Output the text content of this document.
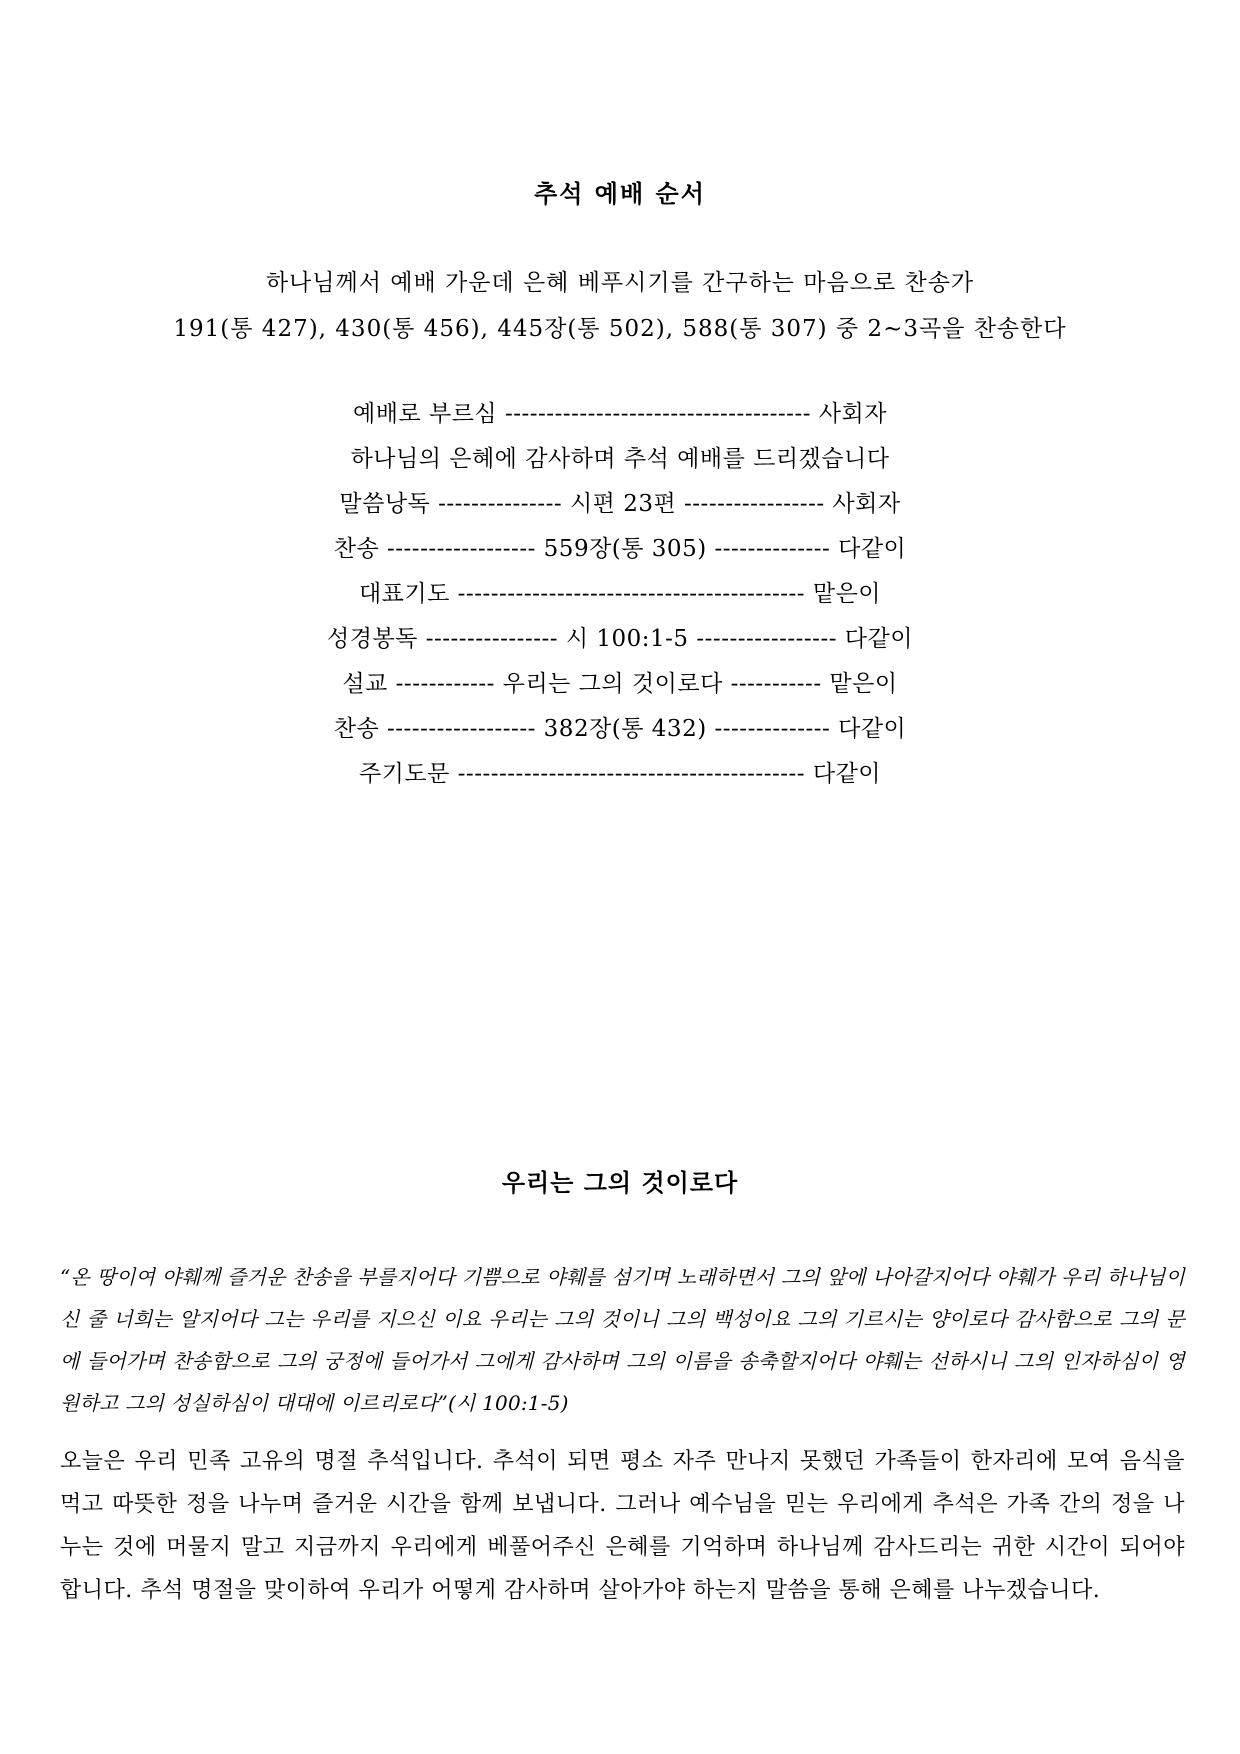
추석 예배 순서
하나님께서 예배 가운데 은혜 베푸시기를 간구하는 마음으로 찬송가
191(통 427), 430(통 456), 445장(통 502), 588(통 307) 중 2∼3곡을 찬송한다
예배로 부르심 ------------------------------------- 사회자
하나님의 은혜에 감사하며 추석 예배를 드리겠습니다
말씀낭독 --------------- 시편 23편 ----------------- 사회자
찬송 ------------------ 559장(통 305) -------------- 다같이
대표기도 ------------------------------------------ 맡은이
성경봉독 ---------------- 시 100:1-5 ----------------- 다같이
설교 ------------ 우리는 그의 것이로다 ----------- 맡은이
찬송 ------------------ 382장(통 432) -------------- 다같이
주기도문 ------------------------------------------ 다같이
우리는 그의 것이로다
“온 땅이여 야훼께 즐거운 찬송을 부를지어다 기쁨으로 야훼를 섬기며 노래하면서 그의 앞에 나아갈지어다 야훼가 우리 하나님이신 줄 너희는 알지어다 그는 우리를 지으신 이요 우리는 그의 것이니 그의 백성이요 그의 기르시는 양이로다 감사함으로 그의 문에 들어가며 찬송함으로 그의 궁정에 들어가서 그에게 감사하며 그의 이름을 송축할지어다 야훼는 선하시니 그의 인자하심이 영원하고 그의 성실하심이 대대에 이르리로다”(시 100:1-5)
오늘은 우리 민족 고유의 명절 추석입니다. 추석이 되면 평소 자주 만나지 못했던 가족들이 한자리에 모여 음식을 먹고 따뜻한 정을 나누며 즐거운 시간을 함께 보냅니다. 그러나 예수님을 믿는 우리에게 추석은 가족 간의 정을 나누는 것에 머물지 말고 지금까지 우리에게 베풀어주신 은혜를 기억하며 하나님께 감사드리는 귀한 시간이 되어야 합니다. 추석 명절을 맞이하여 우리가 어떻게 감사하며 살아가야 하는지 말씀을 통해 은혜를 나누겠습니다.
